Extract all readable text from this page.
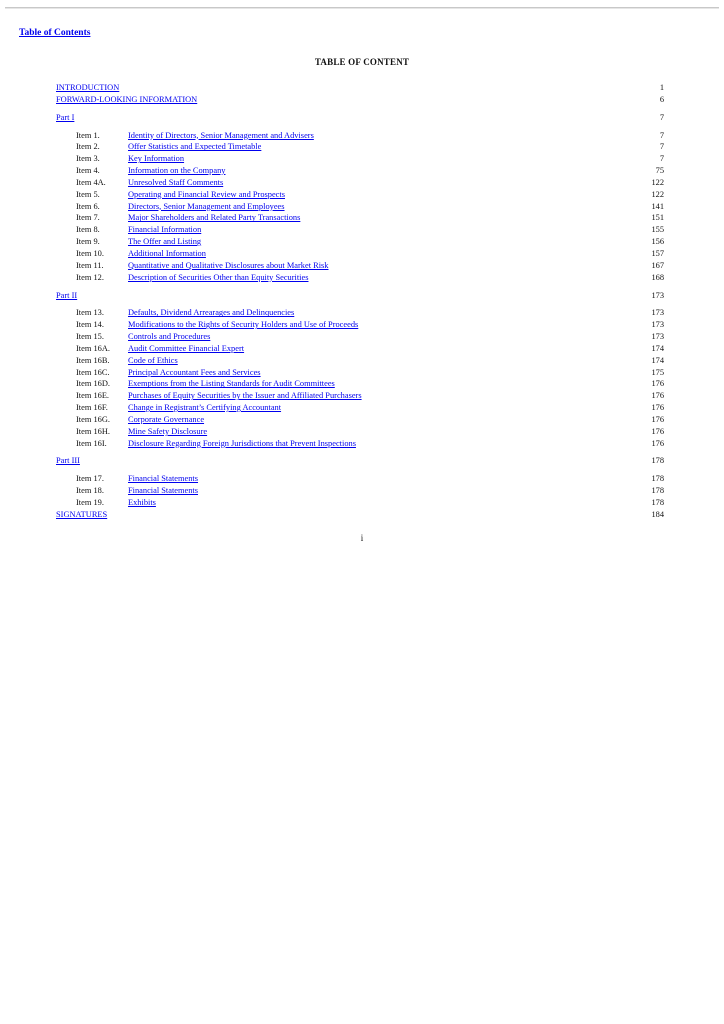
Table of Contents
TABLE OF CONTENT
INTRODUCTION	1
FORWARD-LOOKING INFORMATION	6
Part I	7
Item 1.	Identity of Directors, Senior Management and Advisers	7
Item 2.	Offer Statistics and Expected Timetable	7
Item 3.	Key Information	7
Item 4.	Information on the Company	75
Item 4A.	Unresolved Staff Comments	122
Item 5.	Operating and Financial Review and Prospects	122
Item 6.	Directors, Senior Management and Employees	141
Item 7.	Major Shareholders and Related Party Transactions	151
Item 8.	Financial Information	155
Item 9.	The Offer and Listing	156
Item 10.	Additional Information	157
Item 11.	Quantitative and Qualitative Disclosures about Market Risk	167
Item 12.	Description of Securities Other than Equity Securities	168
Part II	173
Item 13.	Defaults, Dividend Arrearages and Delinquencies	173
Item 14.	Modifications to the Rights of Security Holders and Use of Proceeds	173
Item 15.	Controls and Procedures	173
Item 16A. Audit Committee Financial Expert	174
Item 16B. Code of Ethics	174
Item 16C. Principal Accountant Fees and Services	175
Item 16D. Exemptions from the Listing Standards for Audit Committees	176
Item 16E. Purchases of Equity Securities by the Issuer and Affiliated Purchasers	176
Item 16F. Change in Registrant’s Certifying Accountant	176
Item 16G. Corporate Governance	176
Item 16H. Mine Safety Disclosure	176
Item 16I.	Disclosure Regarding Foreign Jurisdictions that Prevent Inspections	176
Part III	178
Item 17.	Financial Statements	178
Item 18.	Financial Statements	178
Item 19.	Exhibits	178
SIGNATURES	184
i
